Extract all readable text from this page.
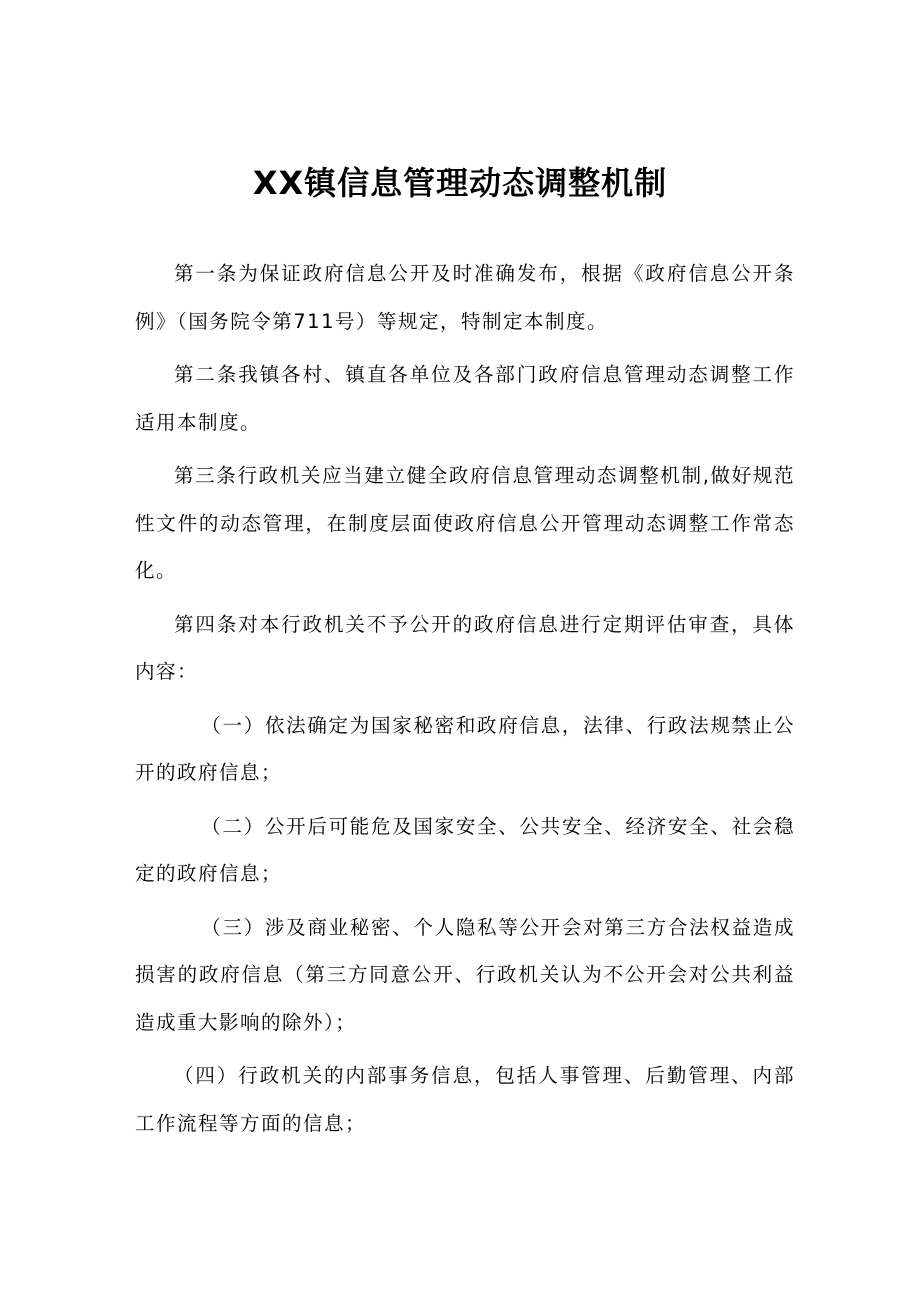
XX镇信息管理动态调整机制

第一条为保证政府信息公开及时准确发布，根据《政府信息公开条例》（国务院令第711号）等规定，特制定本制度。

第二条我镇各村、镇直各单位及各部门政府信息管理动态调整工作适用本制度。

第三条行政机关应当建立健全政府信息管理动态调整机制,做好规范性文件的动态管理，在制度层面使政府信息公开管理动态调整工作常态化。

第四条对本行政机关不予公开的政府信息进行定期评估审查，具体内容：

（一）依法确定为国家秘密和政府信息，法律、行政法规禁止公开的政府信息；

（二）公开后可能危及国家安全、公共安全、经济安全、社会稳定的政府信息；

（三）涉及商业秘密、个人隐私等公开会对第三方合法权益造成损害的政府信息（第三方同意公开、行政机关认为不公开会对公共利益造成重大影响的除外）；

（四）行政机关的内部事务信息，包括人事管理、后勤管理、内部工作流程等方面的信息；
